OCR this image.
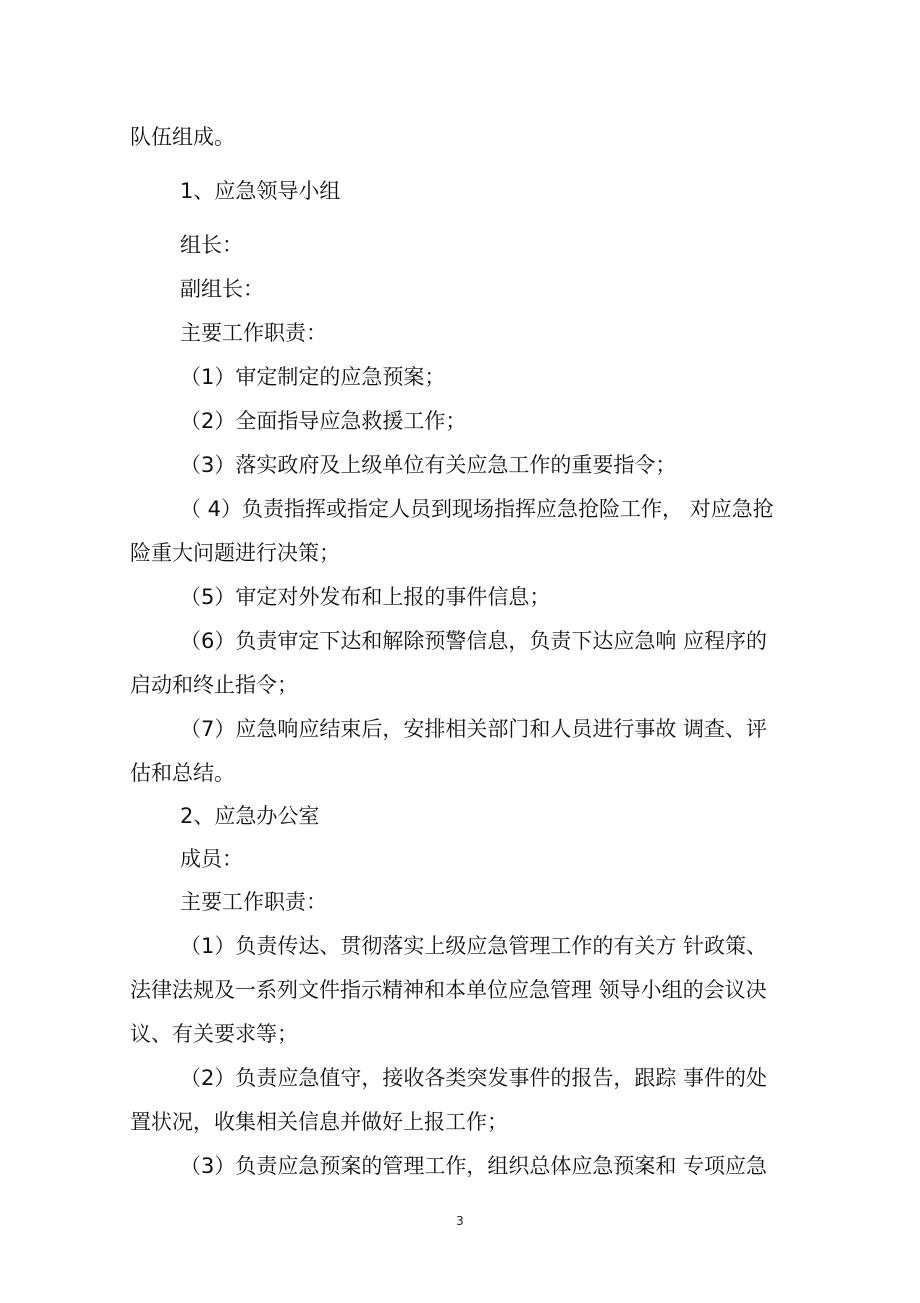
队伍组成。

1、应急领导小组

组长：

副组长：

主要工作职责：

（1）审定制定的应急预案；

（2）全面指导应急救援工作；

（3）落实政府及上级单位有关应急工作的重要指令；

（ 4）负责指挥或指定人员到现场指挥应急抢险工作， 对应急抢

险重大问题进行决策；

（5）审定对外发布和上报的事件信息；

（6）负责审定下达和解除预警信息，负责下达应急响 应程序的

启动和终止指令；

（7）应急响应结束后，安排相关部门和人员进行事故 调查、评

估和总结。

2、应急办公室

成员：

主要工作职责：

（1）负责传达、贯彻落实上级应急管理工作的有关方 针政策、

法律法规及一系列文件指示精神和本单位应急管理 领导小组的会议决

议、有关要求等；

（2）负责应急值守，接收各类突发事件的报告，跟踪 事件的处

置状况，收集相关信息并做好上报工作；

（3）负责应急预案的管理工作，组织总体应急预案和 专项应急

3
